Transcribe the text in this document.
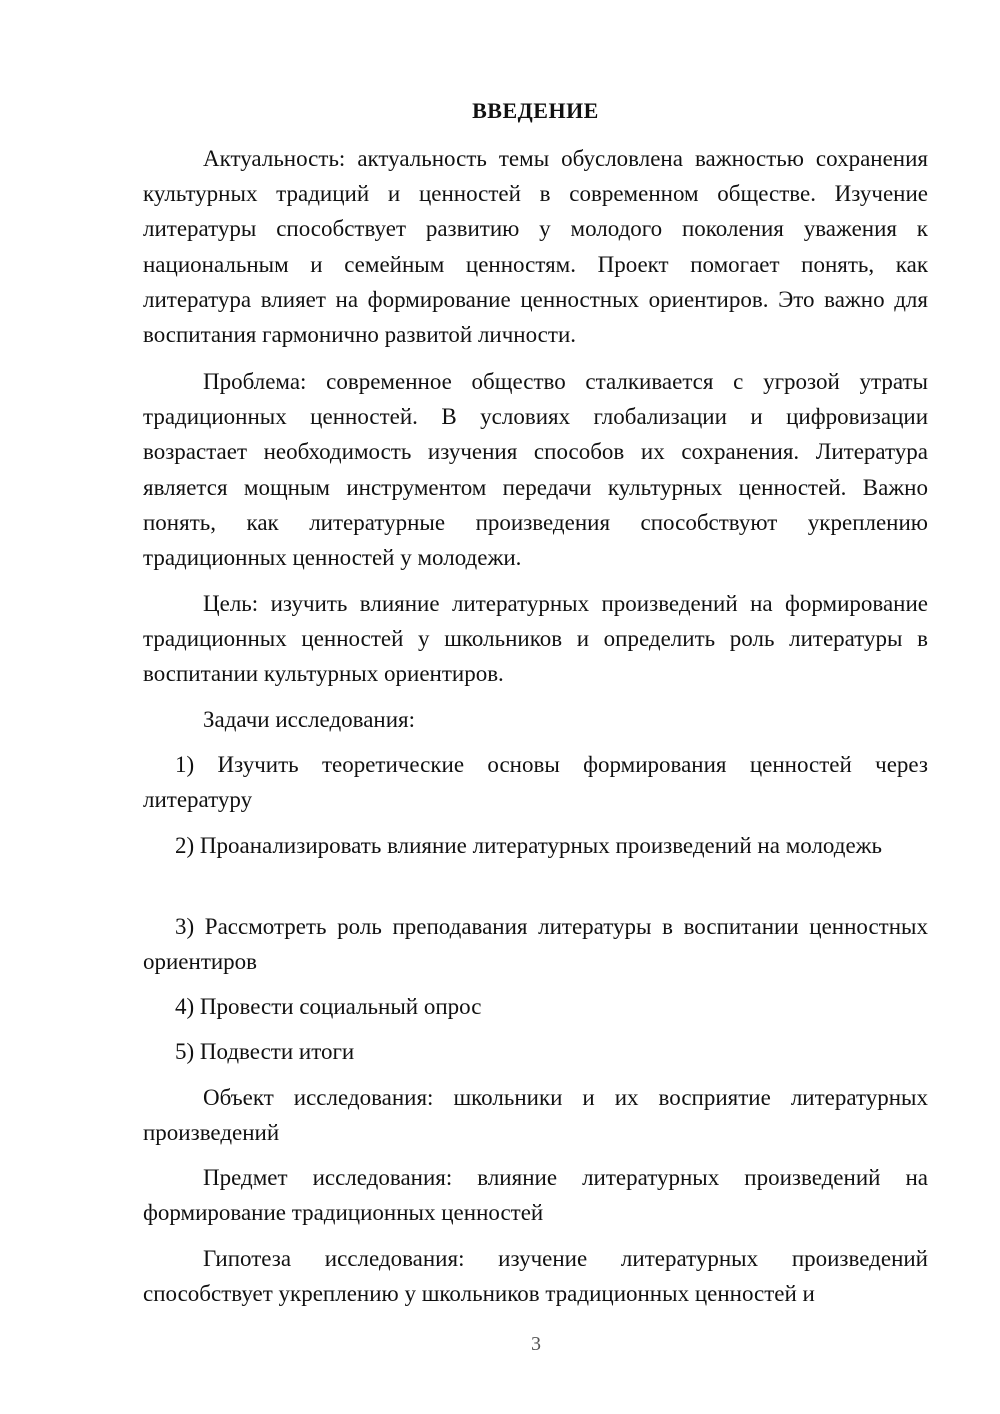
ВВЕДЕНИЕ

Актуальность: актуальность темы обусловлена важностью сохранения культурных традиций и ценностей в современном обществе. Изучение литературы способствует развитию у молодого поколения уважения к национальным и семейным ценностям. Проект помогает понять, как литература влияет на формирование ценностных ориентиров. Это важно для воспитания гармонично развитой личности.

Проблема: современное общество сталкивается с угрозой утраты традиционных ценностей. В условиях глобализации и цифровизации возрастает необходимость изучения способов их сохранения. Литература является мощным инструментом передачи культурных ценностей. Важно понять, как литературные произведения способствуют укреплению традиционных ценностей у молодежи.

Цель: изучить влияние литературных произведений на формирование традиционных ценностей у школьников и определить роль литературы в воспитании культурных ориентиров.

Задачи исследования:

1) Изучить теоретические основы формирования ценностей через литературу

2) Проанализировать влияние литературных произведений на молодежь

3) Рассмотреть роль преподавания литературы в воспитании ценностных ориентиров

4) Провести социальный опрос

5) Подвести итоги

Объект исследования: школьники и их восприятие литературных произведений

Предмет исследования: влияние литературных произведений на формирование традиционных ценностей

Гипотеза исследования: изучение литературных произведений способствует укреплению у школьников традиционных ценностей и

3
